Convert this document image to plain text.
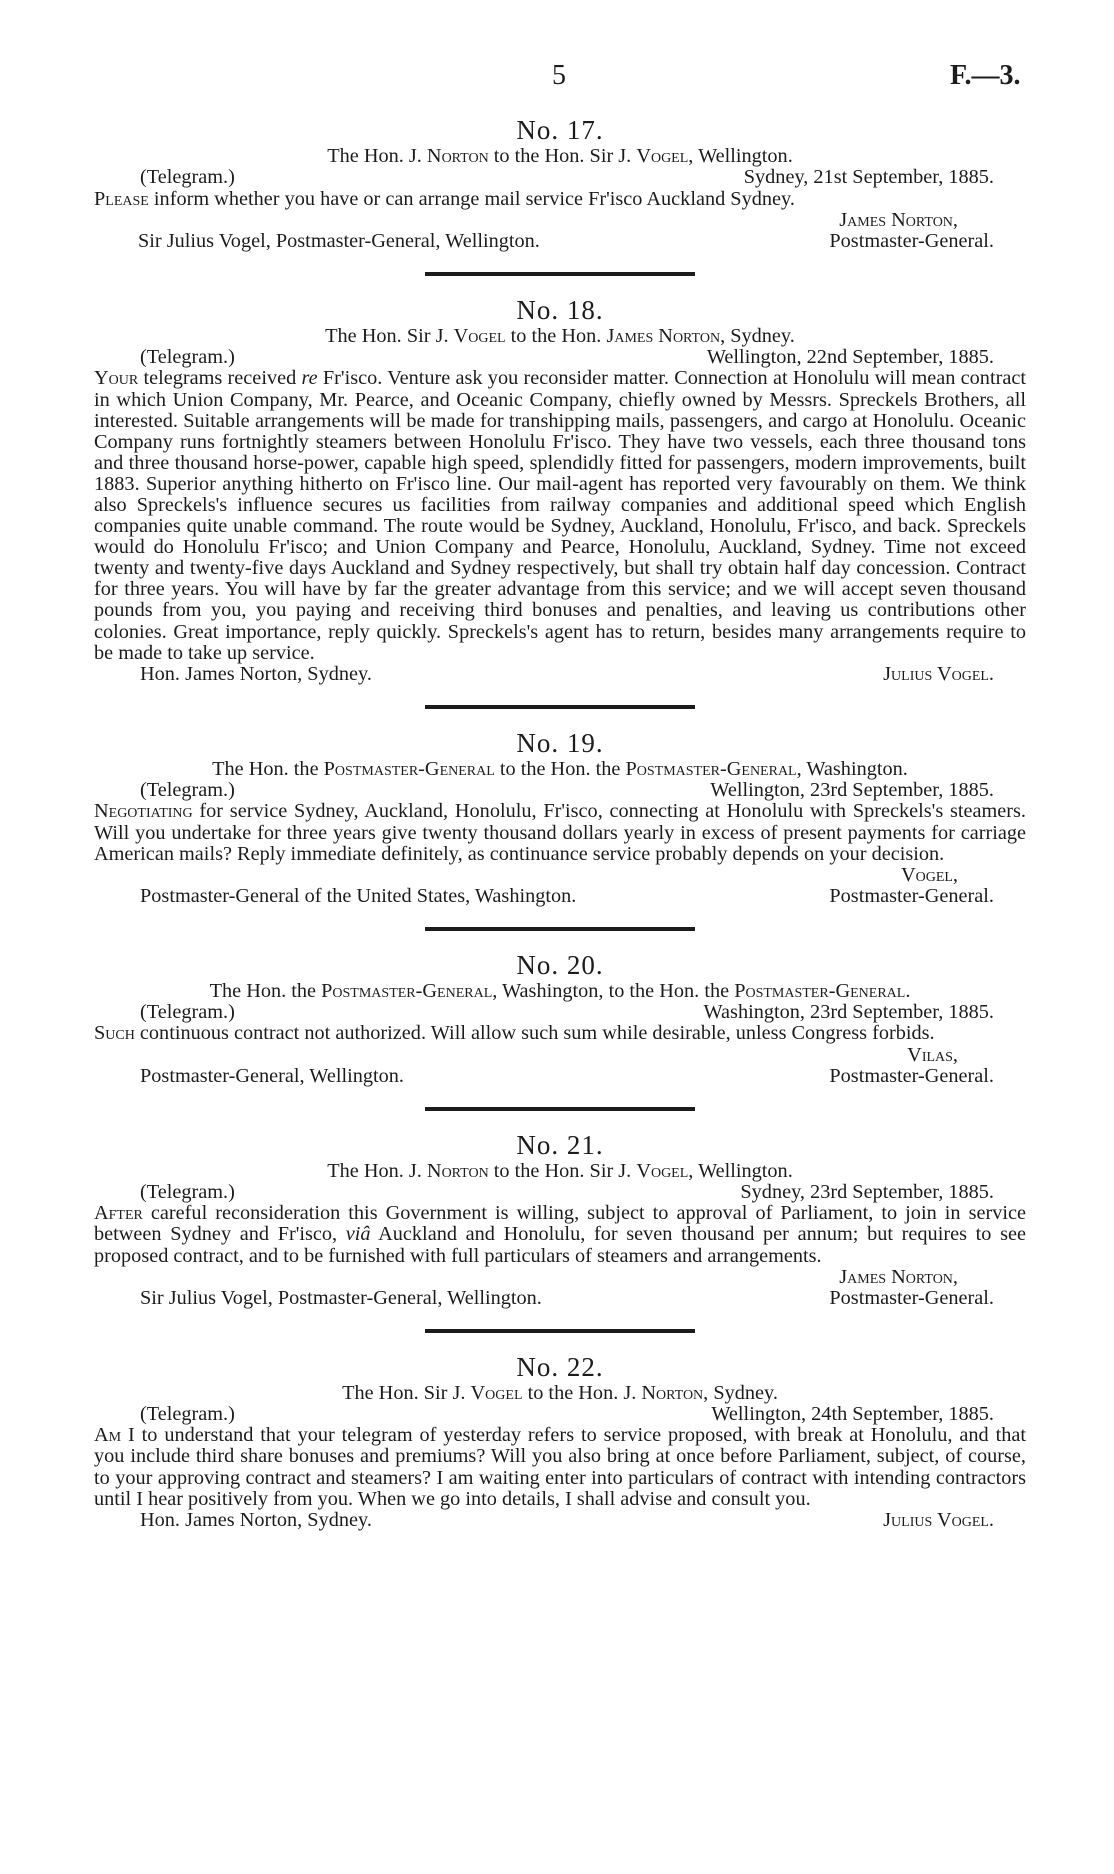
5	F.—3.
No. 17.
The Hon. J. Norton to the Hon. Sir J. Vogel, Wellington.
(Telegram.)	Sydney, 21st September, 1885.

Please inform whether you have or can arrange mail service Fr'isco Auckland Sydney.

James Norton,
Sir Julius Vogel, Postmaster-General, Wellington.	Postmaster-General.
No. 18.
The Hon. Sir J. Vogel to the Hon. James Norton, Sydney.
(Telegram.)	Wellington, 22nd September, 1885.

Your telegrams received re Fr'isco. Venture ask you reconsider matter. Connection at Honolulu will mean contract in which Union Company, Mr. Pearce, and Oceanic Company, chiefly owned by Messrs. Spreckels Brothers, all interested. Suitable arrangements will be made for transhipping mails, passengers, and cargo at Honolulu. Oceanic Company runs fortnightly steamers between Honolulu Fr'isco. They have two vessels, each three thousand tons and three thousand horse-power, capable high speed, splendidly fitted for passengers, modern improvements, built 1883. Superior anything hitherto on Fr'isco line. Our mail-agent has reported very favourably on them. We think also Spreckels's influence secures us facilities from railway companies and additional speed which English companies quite unable command. The route would be Sydney, Auckland, Honolulu, Fr'isco, and back. Spreckels would do Honolulu Fr'isco; and Union Company and Pearce, Honolulu, Auckland, Sydney. Time not exceed twenty and twenty-five days Auckland and Sydney respectively, but shall try obtain half day concession. Contract for three years. You will have by far the greater advantage from this service; and we will accept seven thousand pounds from you, you paying and receiving third bonuses and penalties, and leaving us contributions other colonies. Great importance, reply quickly. Spreckels's agent has to return, besides many arrangements require to be made to take up service.

Hon. James Norton, Sydney.	Julius Vogel.
No. 19.
The Hon. the Postmaster-General to the Hon. the Postmaster-General, Washington.
(Telegram.)	Wellington, 23rd September, 1885.

Negotiating for service Sydney, Auckland, Honolulu, Fr'isco, connecting at Honolulu with Spreckels's steamers. Will you undertake for three years give twenty thousand dollars yearly in excess of present payments for carriage American mails? Reply immediate definitely, as continuance service probably depends on your decision.

Vogel,
Postmaster-General of the United States, Washington.	Postmaster-General.
No. 20.
The Hon. the Postmaster-General, Washington, to the Hon. the Postmaster-General.
(Telegram.)	Washington, 23rd September, 1885.

Such continuous contract not authorized. Will allow such sum while desirable, unless Congress forbids.

Vilas,
Postmaster-General, Wellington.	Postmaster-General.
No. 21.
The Hon. J. Norton to the Hon. Sir J. Vogel, Wellington.
(Telegram.)	Sydney, 23rd September, 1885.

After careful reconsideration this Government is willing, subject to approval of Parliament, to join in service between Sydney and Fr'isco, viâ Auckland and Honolulu, for seven thousand per annum; but requires to see proposed contract, and to be furnished with full particulars of steamers and arrangements.

James Norton,
Sir Julius Vogel, Postmaster-General, Wellington.	Postmaster-General.
No. 22.
The Hon. Sir J. Vogel to the Hon. J. Norton, Sydney.
(Telegram.)	Wellington, 24th September, 1885.

Am I to understand that your telegram of yesterday refers to service proposed, with break at Honolulu, and that you include third share bonuses and premiums? Will you also bring at once before Parliament, subject, of course, to your approving contract and steamers? I am waiting enter into particulars of contract with intending contractors until I hear positively from you. When we go into details, I shall advise and consult you.

Hon. James Norton, Sydney.	Julius Vogel.
